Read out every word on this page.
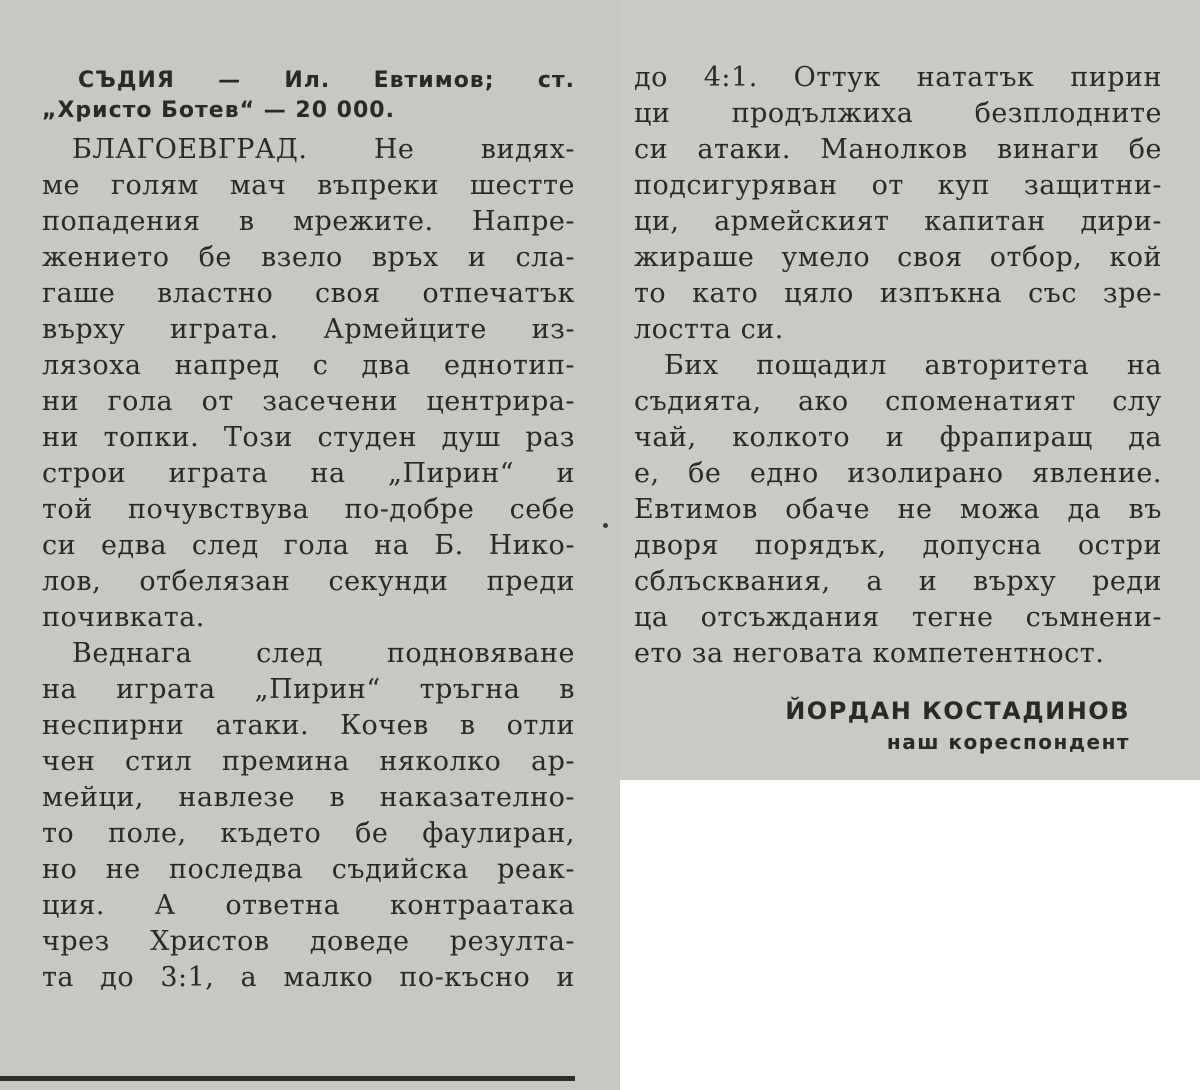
СЪДИЯ — Ил. Евтимов; ст.
„Христо Ботев“ — 20 000.
БЛАГОЕВГРАД. Не видях-
ме голям мач въпреки шестте
попадения в мрежите. Напре-
жението бе взело връх и сла-
гаше властно своя отпечатък
върху играта. Армейците из-
лязоха напред с два еднотип-
ни гола от засечени центрира-
ни топки. Този студен душ раз
строи играта на „Пирин“ и
той почувствува по-добре себе
си едва след гола на Б. Нико-
лов, отбелязан секунди преди
почивката.
Веднага след подновяване
на играта „Пирин“ тръгна в
неспирни атаки. Кочев в отли
чен стил премина няколко ар-
мейци, навлезе в наказателно-
то поле, където бе фаулиран,
но не последва съдийска реак-
ция. А ответна контраатака
чрез Христов доведе резулта-
та до 3:1, а малко по-късно и
до 4:1. Оттук нататък пирин
ци продължиха безплодните
си атаки. Манолков винаги бе
подсигуряван от куп защитни-
ци, армейският капитан дири-
жираше умело своя отбор, кой
то като цяло изпъкна със зре-
лостта си.
Бих пощадил авторитета на
съдията, ако споменатият слу
чай, колкото и фрапиращ да
е, бе едно изолирано явление.
Евтимов обаче не можа да въ
дворя порядък, допусна остри
сблъсквания, а и върху реди
ца отсъждания тегне съмнени-
ето за неговата компетентност.
ЙОРДАН КОСТАДИНОВ
наш кореспондент
